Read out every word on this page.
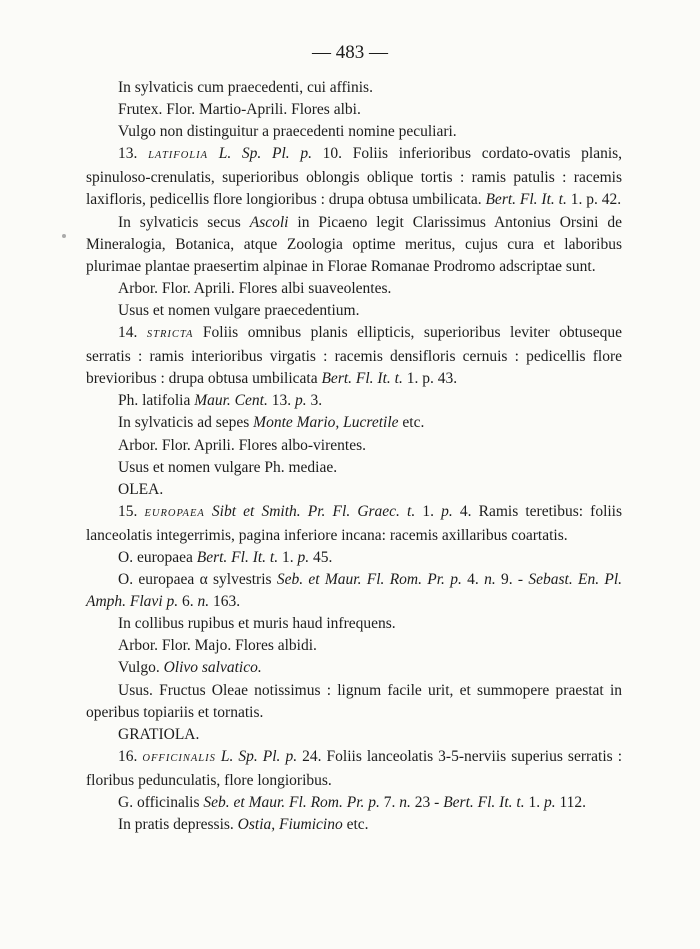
— 483 —

In sylvaticis cum praecedenti, cui affinis.

Frutex. Flor. Martio-Aprili. Flores albi.

Vulgo non distinguitur a praecedenti nomine peculiari.

13. LATIFOLIA L. Sp. Pl. p. 10. Foliis inferioribus cordato-ovatis planis, spinuloso-crenulatis, superioribus oblongis oblique tortis : ramis patulis : racemis laxifloris, pedicellis flore longioribus : drupa obtusa umbilicata. Bert. Fl. It. t. 1. p. 42.

In sylvaticis secus Ascoli in Picaeno legit Clarissimus Antonius Orsini de Mineralogia, Botanica, atque Zoologia optime meritus, cujus cura et laboribus plurimae plantae praesertim alpinae in Florae Romanae Prodromo adscriptae sunt.

Arbor. Flor. Aprili. Flores albi suaveolentes.

Usus et nomen vulgare praecedentium.

14. STRICTA Foliis omnibus planis ellipticis, superioribus leviter obtuseque serratis : ramis interioribus virgatis : racemis densifloris cernuis : pedicellis flore brevioribus : drupa obtusa umbilicata Bert. Fl. It. t. 1. p. 43.

Ph. latifolia Maur. Cent. 13. p. 3.

In sylvaticis ad sepes Monte Mario, Lucretile etc.

Arbor. Flor. Aprili. Flores albo-virentes.

Usus et nomen vulgare Ph. mediae.

OLEA.

15. EUROPAEA Sibt et Smith. Pr. Fl. Graec. t. 1. p. 4. Ramis teretibus: foliis lanceolatis integerrimis, pagina inferiore incana: racemis axillaribus coartatis.

O. europaea Bert. Fl. It. t. 1. p. 45.

O. europaea α sylvestris Seb. et Maur. Fl. Rom. Pr. p. 4. n. 9. - Sebast. En. Pl. Amph. Flavi p. 6. n. 163.

In collibus rupibus et muris haud infrequens.

Arbor. Flor. Majo. Flores albidi.

Vulgo. Olivo salvatico.

Usus. Fructus Oleae notissimus : lignum facile urit, et summopere praestat in operibus topiariis et tornatis.

GRATIOLA.

16. OFFICINALIS L. Sp. Pl. p. 24. Foliis lanceolatis 3-5-nerviis superius serratis : floribus pedunculatis, flore longioribus.

G. officinalis Seb. et Maur. Fl. Rom. Pr. p. 7. n. 23 - Bert. Fl. It. t. 1. p. 112.

In pratis depressis. Ostia, Fiumicino etc.
